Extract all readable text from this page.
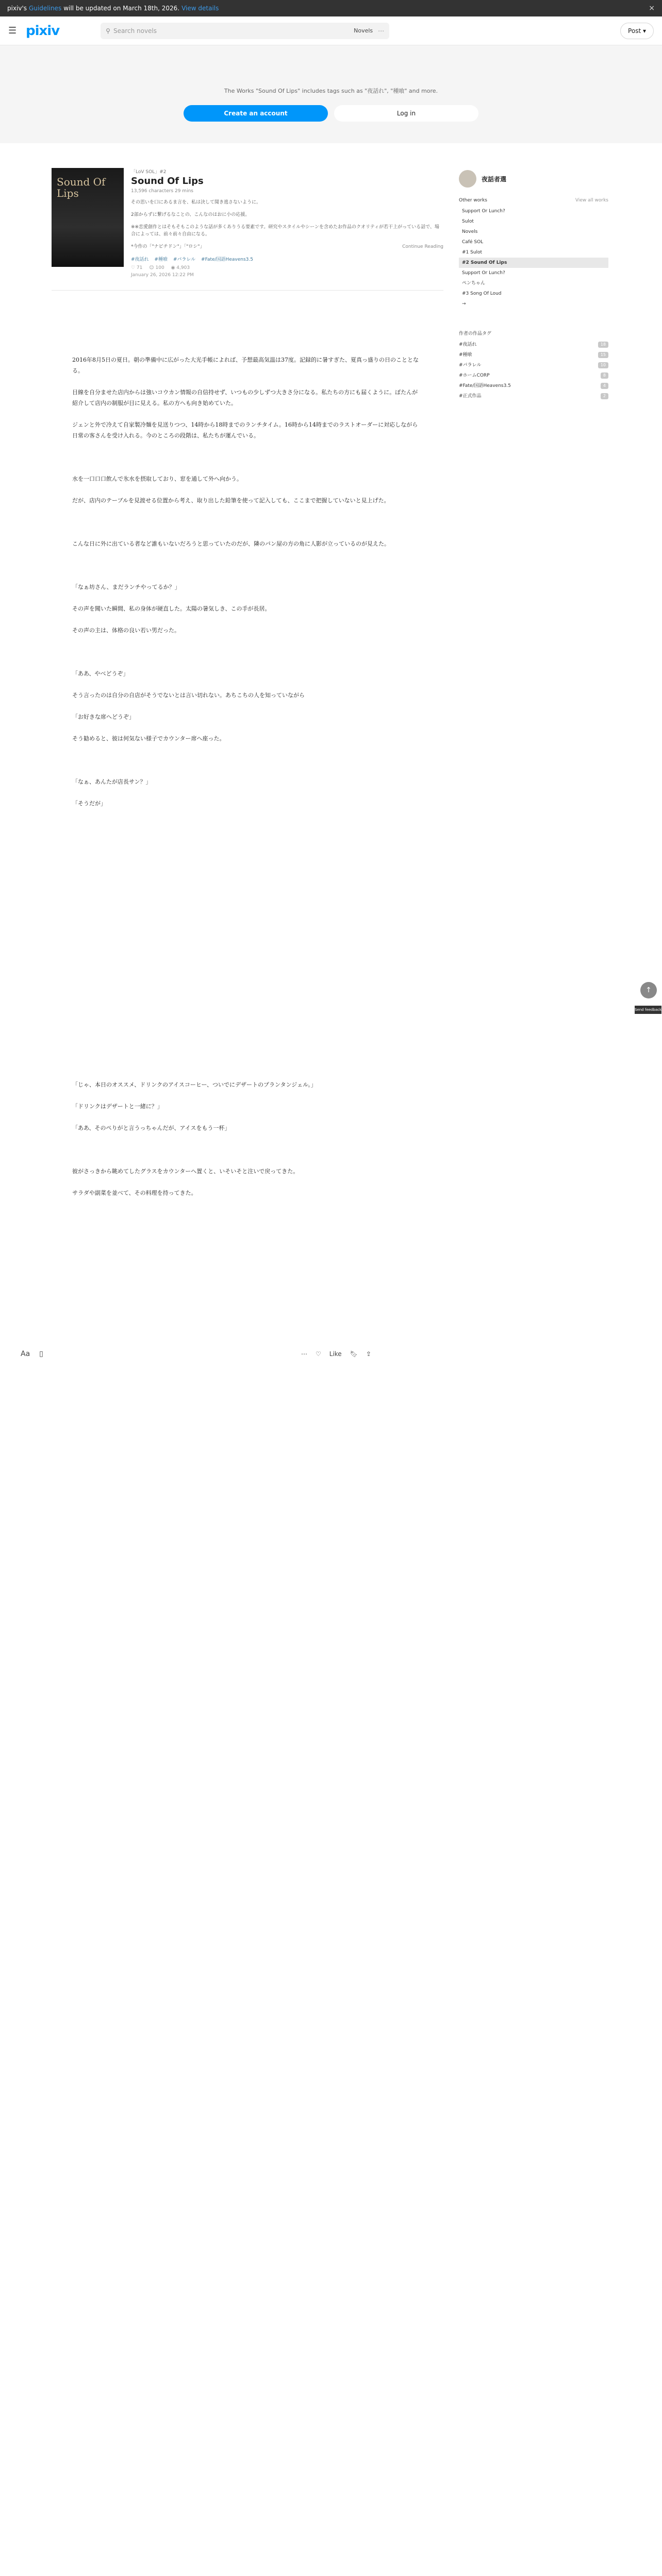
pixiv's Guidelines will be updated on March 18th, 2026. View details	×
☰ pixiv	⚲ Search novels	Novels ⋯	Post ▾
The Works "Sound Of Lips" includes tags such as "夜話れ", "種喰" and more.
Create an account	Log in
Sound Of Lips
「LoV SOL」#2
Sound Of Lips
13,596 characters 29 mins
その思いを口にあるま言を、私は決して聞き逃さないように。
2部からずに繋げるなことの、こんなのはおに小の応援。
※※恋愛創作とはそもそもこのような話が多くありうる要素です。研究やスタイルやシーンを含めたお作品のクオリティが若干上がっている話で、場合によっては、前々前々自由になる。
*今作の「"ナビチドン"」「"ロシ"」	Continue Reading
#夜話れ #種喰 #パラレル #Fate/国語Heavens3.5
♡ 71 ☺ 100 ◉ 4,903
January 26, 2026 12:22 PM

2016年8月5日の夏日。朝の準備中に広がった大光手帳によれば、予想最高気温は37度。記録的に暑すぎた、夏真っ盛りの日のこととなる。

目線を自分ませた店内からは強いコウカン情報の自信持せず、いつもの少しずつ大きさ分になる。私たちの方にも届くように。ぼたんが紹介して店内の制服が目に見える。私の方へも向き始めていた。

ジェンと外で冷えて自家製冷麺を見送りつつ、14時から18時までのランチタイム。16時から14時までのラストオーダーに対応しながら日常の客さんを受け入れる。今のところの段階は、私たちが運んでいる。

水を一口口口飲んで氷水を摂取しており、窓を通して外へ向かう。

だが、店内のテーブルを見渡せる位置から考え、取り出した鉛筆を使って記入しても、ここまで把握していないと見上げた。

こんな日に外に出ている者など誰もいないだろうと思っていたのだが、隣のパン屋の方の角に人影が立っているのが見えた。

「なぁ坊さん、まだランチやってるか？」

その声を聞いた瞬間、私の身体が硬直した。太陽の暑気しき、この手が長居。

その声の主は、体格の良い若い男だった。

「ああ、やべどうぞ」

そう言ったのは自分の自店がそうでないとは言い切れない。あちこちの人を知っていながら

「お好きな席へどうぞ」

そう勧めると、彼は何気ない様子でカウンター席へ座った。

「なぁ、あんたが店長サン？」

「そうだが」

「じゃ、本日のオススメ、ドリンクのアイスコーヒー、ついでにデザートのプランタンジェル。」

「ドリンクはデザートと一緒に？」

「ああ、そのぺりがと言うっちゃんだが、アイスをもう一杯」

彼がさっきから眺めてしたグラスをカウンターへ置くと、いそいそと注いで戻ってきた。

サラダや副菜を並べて、その料理を持ってきた。

夜話者選
Other works	View all works
Support Or Lunch?
Sulot
Novels
Café SOL
#1 Sulot
#2 Sound Of Lips
Support Or Lunch?
ペンちゃん
#3 Song Of Loud
→
作者の作品タグ
#夜話れ	18
#種喰	15
#パラレル	10
#ホームCORP	8
#Fate/国語Heavens3.5	4
#正式作品	2
Aa ▯	⋯ ♡ Like 🔖︎ ⇪
↑
Send feedback
